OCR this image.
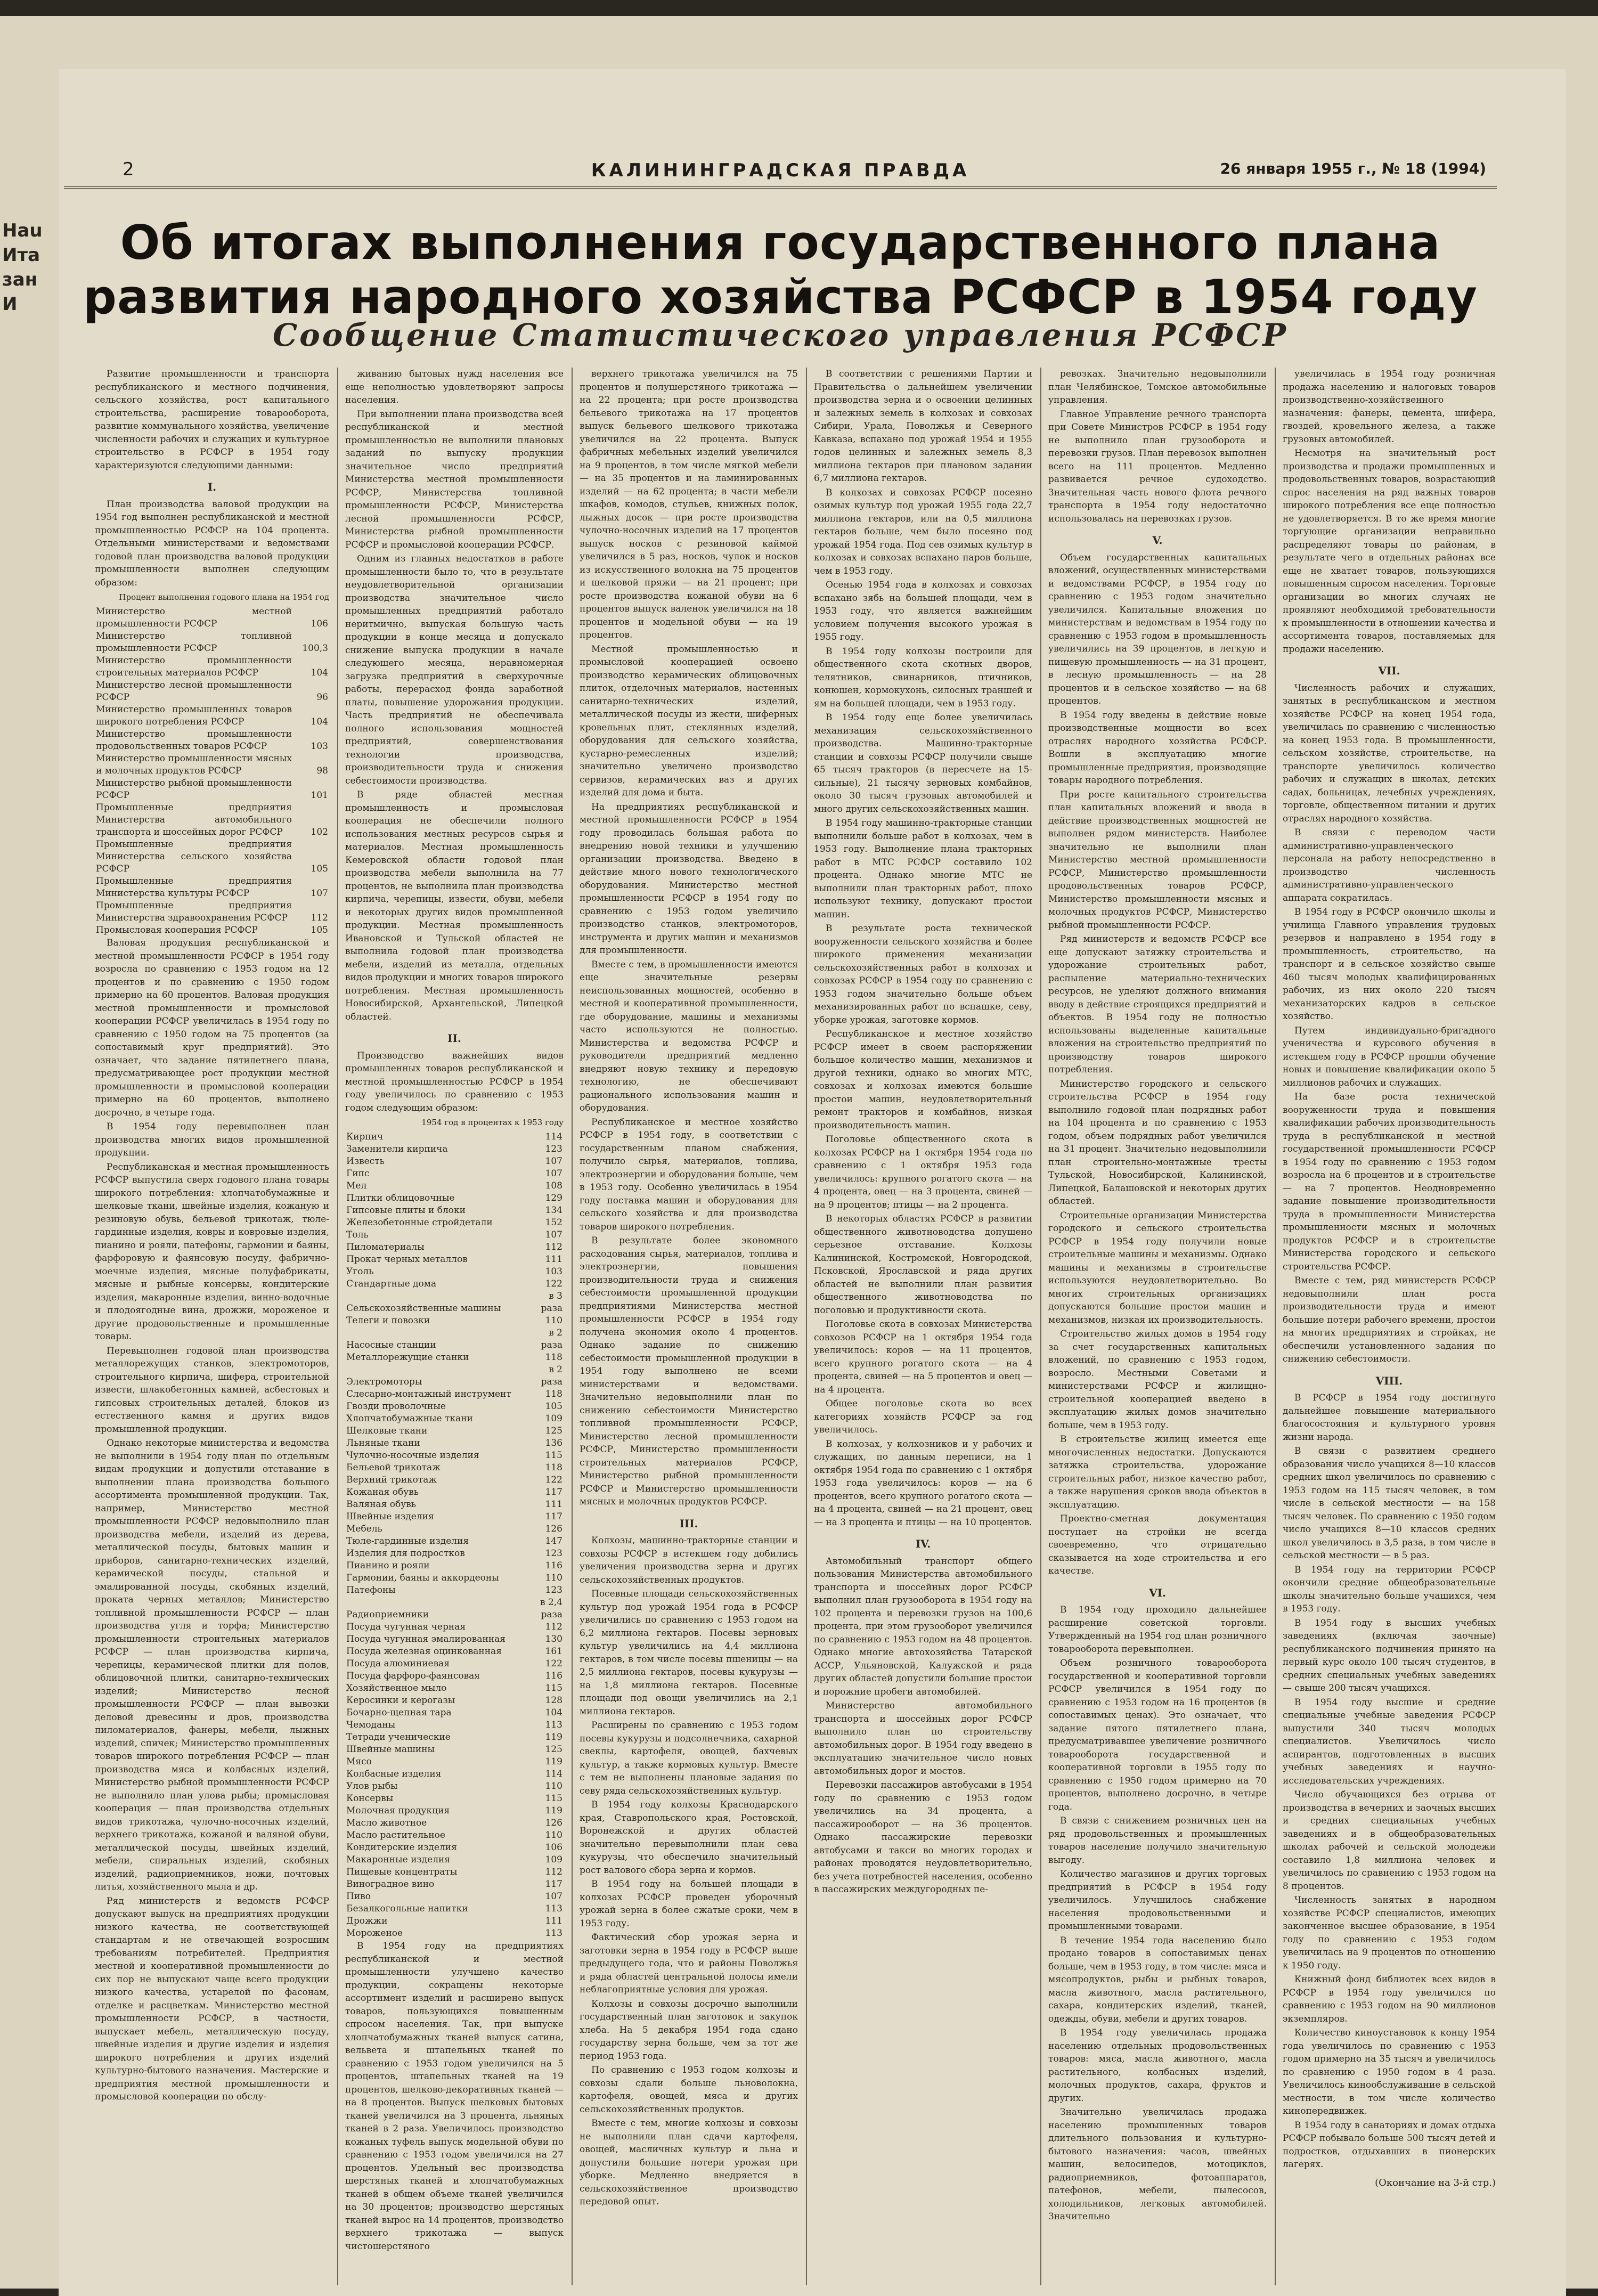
Hau
Ита
зан
И
2	КАЛИНИНГРАДСКАЯ ПРАВДА	26 января 1955 г., № 18 (1994)
Об итогах выполнения государственного плана
развития народного хозяйства РСФСР в 1954 году
Сообщение Статистического управления РСФСР

Развитие промышленности и транспорта республиканского и местного подчинения, сельского хозяйства, рост капитального строительства, расширение товарооборота, развитие коммунального хозяйства, увеличение численности рабочих и служащих и культурное строительство в РСФСР в 1954 году характеризуются следующими данными:

I.

План производства валовой продукции на 1954 год выполнен республиканской и местной промышленностью РСФСР на 104 процента. Отдельными министерствами и ведомствами годовой план производства валовой продукции промышленности выполнен следующим образом:

Процент выполнения годового плана на 1954 год
Министерство местной промышленности РСФСР	106
Министерство топливной промышленности РСФСР	100,3
Министерство промышленности строительных материалов РСФСР	104
Министерство лесной промышленности РСФСР	96
Министерство промышленных товаров широкого потребления РСФСР	104
Министерство промышленности продовольственных товаров РСФСР	103
Министерство промышленности мясных и молочных продуктов РСФСР	98
Министерство рыбной промышленности РСФСР	101
Промышленные предприятия Министерства автомобильного транспорта и шоссейных дорог РСФСР	102
Промышленные предприятия Министерства сельского хозяйства РСФСР	105
Промышленные предприятия Министерства культуры РСФСР	107
Промышленные предприятия Министерства здравоохранения РСФСР	112
Промысловая кооперация РСФСР	105

Валовая продукция республиканской и местной промышленности РСФСР в 1954 году возросла по сравнению с 1953 годом на 12 процентов и по сравнению с 1950 годом примерно на 60 процентов. Валовая продукция местной промышленности и промысловой кооперации РСФСР увеличилась в 1954 году по сравнению с 1950 годом на 75 процентов (за сопоставимый круг предприятий). Это означает, что задание пятилетнего плана, предусматривающее рост продукции местной промышленности и промысловой кооперации примерно на 60 процентов, выполнено досрочно, в четыре года.

В 1954 году перевыполнен план производства многих видов промышленной продукции.

Республиканская и местная промышленность РСФСР выпустила сверх годового плана товары широкого потребления: хлопчатобумажные и шелковые ткани, швейные изделия, кожаную и резиновую обувь, бельевой трикотаж, тюле-гардинные изделия, ковры и ковровые изделия, пианино и рояли, патефоны, гармонии и баяны, фарфоровую и фаянсовую посуду, фабрично-моечные изделия, мясные полуфабрикаты, мясные и рыбные консервы, кондитерские изделия, макаронные изделия, винно-водочные и плодоягодные вина, дрожжи, мороженое и другие продовольственные и промышленные товары.

Перевыполнен годовой план производства металлорежущих станков, электромоторов, строительного кирпича, шифера, строительной извести, шлакобетонных камней, асбестовых и гипсовых строительных деталей, блоков из естественного камня и других видов промышленной продукции.

Однако некоторые министерства и ведомства не выполнили в 1954 году план по отдельным видам продукции и допустили отставание в выполнении плана производства большого ассортимента промышленной продукции. Так, например, Министерство местной промышленности РСФСР недовыполнило план производства мебели, изделий из дерева, металлической посуды, бытовых машин и приборов, санитарно-технических изделий, керамической посуды, стальной и эмалированной посуды, скобяных изделий, проката черных металлов; Министерство топливной промышленности РСФСР — план производства угля и торфа; Министерство промышленности строительных материалов РСФСР — план производства кирпича, черепицы, керамической плитки для полов, облицовочной плитки, санитарно-технических изделий; Министерство лесной промышленности РСФСР — план вывозки деловой древесины и дров, производства пиломатериалов, фанеры, мебели, лыжных изделий, спичек; Министерство промышленных товаров широкого потребления РСФСР — план производства мяса и колбасных изделий, Министерство рыбной промышленности РСФСР не выполнило план улова рыбы; промысловая кооперация — план производства отдельных видов трикотажа, чулочно-носочных изделий, верхнего трикотажа, кожаной и валяной обуви, металлической посуды, швейных изделий, мебели, спиральных изделий, скобяных изделий, радиоприемников, ножи, почтовых литья, хозяйственного мыла и др.

Ряд министерств и ведомств РСФСР допускают выпуск на предприятиях продукции низкого качества, не соответствующей стандартам и не отвечающей возросшим требованиям потребителей. Предприятия местной и кооперативной промышленности до сих пор не выпускают чаще всего продукции низкого качества, устарелой по фасонам, отделке и расцветкам. Министерство местной промышленности РСФСР, в частности, выпускает мебель, металлическую посуду, швейные изделия и другие изделия и изделия широкого потребления и других изделий культурно-бытового назначения. Мастерские и предприятия местной промышленности и промысловой кооперации по обслу-

живанию бытовых нужд населения все еще неполностью удовлетворяют запросы населения.

При выполнении плана производства всей республиканской и местной промышленностью не выполнили плановых заданий по выпуску продукции значительное число предприятий Министерства местной промышленности РСФСР, Министерства топливной промышленности РСФСР, Министерства лесной промышленности РСФСР, Министерства рыбной промышленности РСФСР и промысловой кооперации РСФСР.

Одним из главных недостатков в работе промышленности было то, что в результате неудовлетворительной организации производства значительное число промышленных предприятий работало неритмично, выпуская большую часть продукции в конце месяца и допускало снижение выпуска продукции в начале следующего месяца, неравномерная загрузка предприятий в сверхурочные работы, перерасход фонда заработной платы, повышение удорожания продукции. Часть предприятий не обеспечивала полного использования мощностей предприятий, совершенствования технологии производства, производительности труда и снижения себестоимости производства.

В ряде областей местная промышленность и промысловая кооперация не обеспечили полного использования местных ресурсов сырья и материалов. Местная промышленность Кемеровской области годовой план производства мебели выполнила на 77 процентов, не выполнила план производства кирпича, черепицы, извести, обуви, мебели и некоторых других видов промышленной продукции. Местная промышленность Ивановской и Тульской областей не выполнила годовой план производства мебели, изделий из металла, отдельных видов продукции и многих товаров широкого потребления. Местная промышленность Новосибирской, Архангельской, Липецкой областей.

II.

Производство важнейших видов промышленных товаров республиканской и местной промышленностью РСФСР в 1954 году увеличилось по сравнению с 1953 годом следующим образом:

1954 год в процентах к 1953 году
Кирпич	114
Заменители кирпича	123
Известь	107
Гипс	107
Мел	108
Плитки облицовочные	129
Гипсовые плиты и блоки	134
Железобетонные стройдетали	152
Толь	107
Пиломатериалы	112
Прокат черных металлов	111
Уголь	103
Стандартные дома	122
Сельскохозяйственные машины	в 3 раза
Телеги и повозки	110
Насосные станции	в 2 раза
Металлорежущие станки	118
Электромоторы	в 2 раза
Слесарно-монтажный инструмент	118
Гвозди проволочные	105
Хлопчатобумажные ткани	109
Шелковые ткани	125
Льняные ткани	136
Чулочно-носочные изделия	115
Бельевой трикотаж	118
Верхний трикотаж	122
Кожаная обувь	117
Валяная обувь	111
Швейные изделия	117
Мебель	126
Тюле-гардинные изделия	147
Изделия для подростков	123
Пианино и рояли	116
Гармонии, баяны и аккордеоны	110
Патефоны	123
Радиоприемники	в 2,4 раза
Посуда чугунная черная	112
Посуда чугунная эмалированная	130
Посуда железная оцинкованная	161
Посуда алюминиевая	122
Посуда фарфоро-фаянсовая	116
Хозяйственное мыло	115
Керосинки и керогазы	128
Бочарно-щепная тара	104
Чемоданы	113
Тетради ученические	119
Швейные машины	125
Мясо	119
Колбасные изделия	114
Улов рыбы	110
Консервы	115
Молочная продукция	119
Масло животное	126
Масло растительное	110
Кондитерские изделия	106
Макаронные изделия	109
Пищевые концентраты	112
Виноградное вино	117
Пиво	107
Безалкогольные напитки	113
Дрожжи	111
Мороженое	113

В 1954 году на предприятиях республиканской и местной промышленности улучшено качество продукции, сокращены некоторые ассортимент изделий и расширено выпуск товаров, пользующихся повышенным спросом населения. Так, при выпуске хлопчатобумажных тканей выпуск сатина, вельвета и штапельных тканей по сравнению с 1953 годом увеличился на 5 процентов, штапельных тканей на 19 процентов, шелково-декоративных тканей — на 8 процентов. Выпуск шелковых бытовых тканей увеличился на 3 процента, льняных тканей в 2 раза. Увеличилось производство кожаных туфель выпуск модельной обуви по сравнению с 1953 годом увеличился на 27 процентов. Удельный вес производства шерстяных тканей и хлопчатобумажных тканей в общем объеме тканей увеличился на 30 процентов; производство шерстяных тканей вырос на 14 процентов, производство верхнего трикотажа — выпуск чистошерстяного

верхнего трикотажа увеличился на 75 процентов и полушерстяного трикотажа — на 22 процента; при росте производства бельевого трикотажа на 17 процентов выпуск бельевого шелкового трикотажа увеличился на 22 процента. Выпуск фабричных мебельных изделий увеличился на 9 процентов, в том числе мягкой мебели — на 35 процентов и на ламинированных изделий — на 62 процента; в части мебели шкафов, комодов, стульев, книжных полок, лыжных досок — при росте производства чулочно-носочных изделий на 17 процентов выпуск носков с резиновой каймой увеличился в 5 раз, носков, чулок и носков из искусственного волокна на 75 процентов и шелковой пряжи — на 21 процент; при росте производства кожаной обуви на 6 процентов выпуск валенок увеличился на 18 процентов и модельной обуви — на 19 процентов.

Местной промышленностью и промысловой кооперацией освоено производство керамических облицовочных плиток, отделочных материалов, настенных санитарно-технических изделий, металлической посуды из жести, шиферных кровельных плит, стеклянных изделий, оборудования для сельского хозяйства, кустарно-ремесленных изделий; значительно увеличено производство сервизов, керамических ваз и других изделий для дома и быта.

На предприятиях республиканской и местной промышленности РСФСР в 1954 году проводилась большая работа по внедрению новой техники и улучшению организации производства. Введено в действие много нового технологического оборудования. Министерство местной промышленности РСФСР в 1954 году по сравнению с 1953 годом увеличило производство станков, электромоторов, инструмента и других машин и механизмов для промышленности.

Вместе с тем, в промышленности имеются еще значительные резервы неиспользованных мощностей, особенно в местной и кооперативной промышленности, где оборудование, машины и механизмы часто используются не полностью. Министерства и ведомства РСФСР и руководители предприятий медленно внедряют новую технику и передовую технологию, не обеспечивают рационального использования машин и оборудования.

Республиканское и местное хозяйство РСФСР в 1954 году, в соответствии с государственным планом снабжения, получило сырья, материалов, топлива, электроэнергии и оборудования больше, чем в 1953 году. Особенно увеличилась в 1954 году поставка машин и оборудования для сельского хозяйства и для производства товаров широкого потребления.

В результате более экономного расходования сырья, материалов, топлива и электроэнергии, повышения производительности труда и снижения себестоимости промышленной продукции предприятиями Министерства местной промышленности РСФСР в 1954 году получена экономия около 4 процентов. Однако задание по снижению себестоимости промышленной продукции в 1954 году выполнено не всеми министерствами и ведомствами. Значительно недовыполнили план по снижению себестоимости Министерство топливной промышленности РСФСР, Министерство лесной промышленности РСФСР, Министерство промышленности строительных материалов РСФСР, Министерство рыбной промышленности РСФСР и Министерство промышленности мясных и молочных продуктов РСФСР.

III.

Колхозы, машинно-тракторные станции и совхозы РСФСР в истекшем году добились увеличения производства зерна и других сельскохозяйственных продуктов.

Посевные площади сельскохозяйственных культур под урожай 1954 года в РСФСР увеличились по сравнению с 1953 годом на 6,2 миллиона гектаров. Посевы зерновых культур увеличились на 4,4 миллиона гектаров, в том числе посевы пшеницы — на 2,5 миллиона гектаров, посевы кукурузы — на 1,8 миллиона гектаров. Посевные площади под овощи увеличились на 2,1 миллиона гектаров.

Расширены по сравнению с 1953 годом посевы кукурузы и подсолнечника, сахарной свеклы, картофеля, овощей, бахчевых культур, а также кормовых культур. Вместе с тем не выполнены плановые задания по севу ряда сельскохозяйственных культур.

В 1954 году колхозы Краснодарского края, Ставропольского края, Ростовской, Воронежской и других областей значительно перевыполнили план сева кукурузы, что обеспечило значительный рост валового сбора зерна и кормов.

В 1954 году на большей площади в колхозах РСФСР проведен уборочный урожай зерна в более сжатые сроки, чем в 1953 году.

Фактический сбор урожая зерна и заготовки зерна в 1954 году в РСФСР выше предыдущего года, что и районы Поволжья и ряда областей центральной полосы имели неблагоприятные условия для урожая.

Колхозы и совхозы досрочно выполнили государственный план заготовок и закупок хлеба. На 5 декабря 1954 года сдано государству зерна больше, чем за тот же период 1953 года.

По сравнению с 1953 годом колхозы и совхозы сдали больше льноволокна, картофеля, овощей, мяса и других сельскохозяйственных продуктов.

Вместе с тем, многие колхозы и совхозы не выполнили план сдачи картофеля, овощей, масличных культур и льна и допустили большие потери урожая при уборке. Медленно внедряется в сельскохозяйственное производство передовой опыт.

В соответствии с решениями Партии и Правительства о дальнейшем увеличении производства зерна и о освоении целинных и залежных земель в колхозах и совхозах Сибири, Урала, Поволжья и Северного Кавказа, вспахано под урожай 1954 и 1955 годов целинных и залежных земель 8,3 миллиона гектаров при плановом задании 6,7 миллиона гектаров.

В колхозах и совхозах РСФСР посеяно озимых культур под урожай 1955 года 22,7 миллиона гектаров, или на 0,5 миллиона гектаров больше, чем было посеяно под урожай 1954 года. Под сев озимых культур в колхозах и совхозах вспахано паров больше, чем в 1953 году.

Осенью 1954 года в колхозах и совхозах вспахано зябь на большей площади, чем в 1953 году, что является важнейшим условием получения высокого урожая в 1955 году.

В 1954 году колхозы построили для общественного скота скотных дворов, телятников, свинарников, птичников, конюшен, кормокухонь, силосных траншей и ям на большей площади, чем в 1953 году.

В 1954 году еще более увеличилась механизация сельскохозяйственного производства. Машинно-тракторные станции и совхозы РСФСР получили свыше 65 тысяч тракторов (в пересчете на 15-сильные), 21 тысячу зерновых комбайнов, около 30 тысяч грузовых автомобилей и много других сельскохозяйственных машин.

В 1954 году машинно-тракторные станции выполнили больше работ в колхозах, чем в 1953 году. Выполнение плана тракторных работ в МТС РСФСР составило 102 процента. Однако многие МТС не выполнили план тракторных работ, плохо используют технику, допускают простои машин.

В результате роста технической вооруженности сельского хозяйства и более широкого применения механизации сельскохозяйственных работ в колхозах и совхозах РСФСР в 1954 году по сравнению с 1953 годом значительно больше объем механизированных работ по вспашке, севу, уборке урожая, заготовке кормов.

Республиканское и местное хозяйство РСФСР имеет в своем распоряжении большое количество машин, механизмов и другой техники, однако во многих МТС, совхозах и колхозах имеются большие простои машин, неудовлетворительный ремонт тракторов и комбайнов, низкая производительность машин.

Поголовье общественного скота в колхозах РСФСР на 1 октября 1954 года по сравнению с 1 октября 1953 года увеличилось: крупного рогатого скота — на 4 процента, овец — на 3 процента, свиней — на 9 процентов; птицы — на 2 процента.

В некоторых областях РСФСР в развитии общественного животноводства допущено серьезное отставание. Колхозы Калининской, Костромской, Новгородской, Псковской, Ярославской и ряда других областей не выполнили план развития общественного животноводства по поголовью и продуктивности скота.

Поголовье скота в совхозах Министерства совхозов РСФСР на 1 октября 1954 года увеличилось: коров — на 11 процентов, всего крупного рогатого скота — на 4 процента, свиней — на 5 процентов и овец — на 4 процента.

Общее поголовье скота во всех категориях хозяйств РСФСР за год увеличилось.

В колхозах, у колхозников и у рабочих и служащих, по данным переписи, на 1 октября 1954 года по сравнению с 1 октября 1953 года увеличилось: коров — на 6 процентов, всего крупного рогатого скота — на 4 процента, свиней — на 21 процент, овец — на 3 процента и птицы — на 10 процентов.

IV.

Автомобильный транспорт общего пользования Министерства автомобильного транспорта и шоссейных дорог РСФСР выполнил план грузооборота в 1954 году на 102 процента и перевозки грузов на 100,6 процента, при этом грузооборот увеличился по сравнению с 1953 годом на 48 процентов. Однако многие автохозяйства Татарской АССР, Ульяновской, Калужской и ряда других областей допустили большие простои и порожние пробеги автомобилей.

Министерство автомобильного транспорта и шоссейных дорог РСФСР выполнило план по строительству автомобильных дорог. В 1954 году введено в эксплуатацию значительное число новых автомобильных дорог и мостов.

Перевозки пассажиров автобусами в 1954 году по сравнению с 1953 годом увеличились на 34 процента, а пассажирооборот — на 36 процентов. Однако пассажирские перевозки автобусами и такси во многих городах и районах проводятся неудовлетворительно, без учета потребностей населения, особенно в пассажирских междугородных пе-

ревозках. Значительно недовыполнили план Челябинское, Томское автомобильные управления.

Главное Управление речного транспорта при Совете Министров РСФСР в 1954 году не выполнило план грузооборота и перевозки грузов. План перевозок выполнен всего на 111 процентов. Медленно развивается речное судоходство. Значительная часть нового флота речного транспорта в 1954 году недостаточно использовалась на перевозках грузов.

V.

Объем государственных капитальных вложений, осуществленных министерствами и ведомствами РСФСР, в 1954 году по сравнению с 1953 годом значительно увеличился. Капитальные вложения по министерствам и ведомствам в 1954 году по сравнению с 1953 годом в промышленность увеличились на 39 процентов, в легкую и пищевую промышленность — на 31 процент, в лесную промышленность — на 28 процентов и в сельское хозяйство — на 68 процентов.

В 1954 году введены в действие новые производственные мощности во всех отраслях народного хозяйства РСФСР. Вошли в эксплуатацию многие промышленные предприятия, производящие товары народного потребления.

При росте капитального строительства план капитальных вложений и ввода в действие производственных мощностей не выполнен рядом министерств. Наиболее значительно не выполнили план Министерство местной промышленности РСФСР, Министерство промышленности продовольственных товаров РСФСР, Министерство промышленности мясных и молочных продуктов РСФСР, Министерство рыбной промышленности РСФСР.

Ряд министерств и ведомств РСФСР все еще допускают затяжку строительства и удорожание строительных работ, распыление материально-технических ресурсов, не уделяют должного внимания вводу в действие строящихся предприятий и объектов. В 1954 году не полностью использованы выделенные капитальные вложения на строительство предприятий по производству товаров широкого потребления.

Министерство городского и сельского строительства РСФСР в 1954 году выполнило годовой план подрядных работ на 104 процента и по сравнению с 1953 годом, объем подрядных работ увеличился на 31 процент. Значительно недовыполнили план строительно-монтажные тресты Тульской, Новосибирской, Калининской, Липецкой, Балашовской и некоторых других областей.

Строительные организации Министерства городского и сельского строительства РСФСР в 1954 году получили новые строительные машины и механизмы. Однако машины и механизмы в строительстве используются неудовлетворительно. Во многих строительных организациях допускаются большие простои машин и механизмов, низкая их производительность.

Строительство жилых домов в 1954 году за счет государственных капитальных вложений, по сравнению с 1953 годом, возросло. Местными Советами и министерствами РСФСР и жилищно-строительной кооперацией введено в эксплуатацию жилых домов значительно больше, чем в 1953 году.

В строительстве жилищ имеется еще многочисленных недостатки. Допускаются затяжка строительства, удорожание строительных работ, низкое качество работ, а также нарушения сроков ввода объектов в эксплуатацию.

Проектно-сметная документация поступает на стройки не всегда своевременно, что отрицательно сказывается на ходе строительства и его качестве.

VI.

В 1954 году проходило дальнейшее расширение советской торговли. Утвержденный на 1954 год план розничного товарооборота перевыполнен.

Объем розничного товарооборота государственной и кооперативной торговли РСФСР увеличился в 1954 году по сравнению с 1953 годом на 16 процентов (в сопоставимых ценах). Это означает, что задание пятого пятилетнего плана, предусматривавшее увеличение розничного товарооборота государственной и кооперативной торговли в 1955 году по сравнению с 1950 годом примерно на 70 процентов, выполнено досрочно, в четыре года.

В связи с снижением розничных цен на ряд продовольственных и промышленных товаров население получило значительную выгоду.

Количество магазинов и других торговых предприятий в РСФСР в 1954 году увеличилось. Улучшилось снабжение населения продовольственными и промышленными товарами.

В течение 1954 года населению было продано товаров в сопоставимых ценах больше, чем в 1953 году, в том числе: мяса и мясопродуктов, рыбы и рыбных товаров, масла животного, масла растительного, сахара, кондитерских изделий, тканей, одежды, обуви, мебели и других товаров.

В 1954 году увеличилась продажа населению отдельных продовольственных товаров: мяса, масла животного, масла растительного, колбасных изделий, молочных продуктов, сахара, фруктов и других.

Значительно увеличилась продажа населению промышленных товаров длительного пользования и культурно-бытового назначения: часов, швейных машин, велосипедов, мотоциклов, радиоприемников, фотоаппаратов, патефонов, мебели, пылесосов, холодильников, легковых автомобилей. Значительно

увеличилась в 1954 году розничная продажа населению и налоговых товаров производственно-хозяйственного назначения: фанеры, цемента, шифера, гвоздей, кровельного железа, а также грузовых автомобилей.

Несмотря на значительный рост производства и продажи промышленных и продовольственных товаров, возрастающий спрос населения на ряд важных товаров широкого потребления все еще полностью не удовлетворяется. В то же время многие торгующие организации неправильно распределяют товары по районам, в результате чего в отдельных районах все еще не хватает товаров, пользующихся повышенным спросом населения. Торговые организации во многих случаях не проявляют необходимой требовательности к промышленности в отношении качества и ассортимента товаров, поставляемых для продажи населению.

VII.

Численность рабочих и служащих, занятых в республиканском и местном хозяйстве РСФСР на конец 1954 года, увеличилась по сравнению с численностью на конец 1953 года. В промышленности, сельском хозяйстве, строительстве, на транспорте увеличилось количество рабочих и служащих в школах, детских садах, больницах, лечебных учреждениях, торговле, общественном питании и других отраслях народного хозяйства.

В связи с переводом части административно-управленческого персонала на работу непосредственно в производство численность административно-управленческого аппарата сократилась.

В 1954 году в РСФСР окончило школы и училища Главного управления трудовых резервов и направлено в 1954 году в промышленность, строительство, на транспорт и в сельское хозяйство свыше 460 тысяч молодых квалифицированных рабочих, из них около 220 тысяч механизаторских кадров в сельское хозяйство.

Путем индивидуально-бригадного ученичества и курсового обучения в истекшем году в РСФСР прошли обучение новых и повышение квалификации около 5 миллионов рабочих и служащих.

На базе роста технической вооруженности труда и повышения квалификации рабочих производительность труда в республиканской и местной государственной промышленности РСФСР в 1954 году по сравнению с 1953 годом возросла на 6 процентов и в строительстве — на 7 процентов. Неодновременно задание повышение производительности труда в промышленности Министерства промышленности мясных и молочных продуктов РСФСР и в строительстве Министерства городского и сельского строительства РСФСР.

Вместе с тем, ряд министерств РСФСР недовыполнили план роста производительности труда и имеют большие потери рабочего времени, простои на многих предприятиях и стройках, не обеспечили установленного задания по снижению себестоимости.

VIII.

В РСФСР в 1954 году достигнуто дальнейшее повышение материального благосостояния и культурного уровня жизни народа.

В связи с развитием среднего образования число учащихся 8—10 классов средних школ увеличилось по сравнению с 1953 годом на 115 тысяч человек, в том числе в сельской местности — на 158 тысяч человек. По сравнению с 1950 годом число учащихся 8—10 классов средних школ увеличилось в 3,5 раза, в том числе в сельской местности — в 5 раз.

В 1954 году на территории РСФСР окончили средние общеобразовательные школы значительно больше учащихся, чем в 1953 году.

В 1954 году в высших учебных заведениях (включая заочные) республиканского подчинения принято на первый курс около 100 тысяч студентов, в средних специальных учебных заведениях — свыше 200 тысяч учащихся.

В 1954 году высшие и средние специальные учебные заведения РСФСР выпустили 340 тысяч молодых специалистов. Увеличилось число аспирантов, подготовленных в высших учебных заведениях и научно-исследовательских учреждениях.

Число обучающихся без отрыва от производства в вечерних и заочных высших и средних специальных учебных заведениях и в общеобразовательных школах рабочей и сельской молодежи составило 1,8 миллиона человек и увеличилось по сравнению с 1953 годом на 8 процентов.

Численность занятых в народном хозяйстве РСФСР специалистов, имеющих законченное высшее образование, в 1954 году по сравнению с 1953 годом увеличилась на 9 процентов по отношению к 1950 году.

Книжный фонд библиотек всех видов в РСФСР в 1954 году увеличился по сравнению с 1953 годом на 90 миллионов экземпляров.

Количество киноустановок к концу 1954 года увеличилось по сравнению с 1953 годом примерно на 35 тысяч и увеличилось по сравнению с 1950 годом в 4 раза. Увеличилось кинообслуживание в сельской местности, в том числе количество кинопередвижек.

В 1954 году в санаториях и домах отдыха РСФСР побывало больше 500 тысяч детей и подростков, отдыхавших в пионерских лагерях.

(Окончание на 3-й стр.)
